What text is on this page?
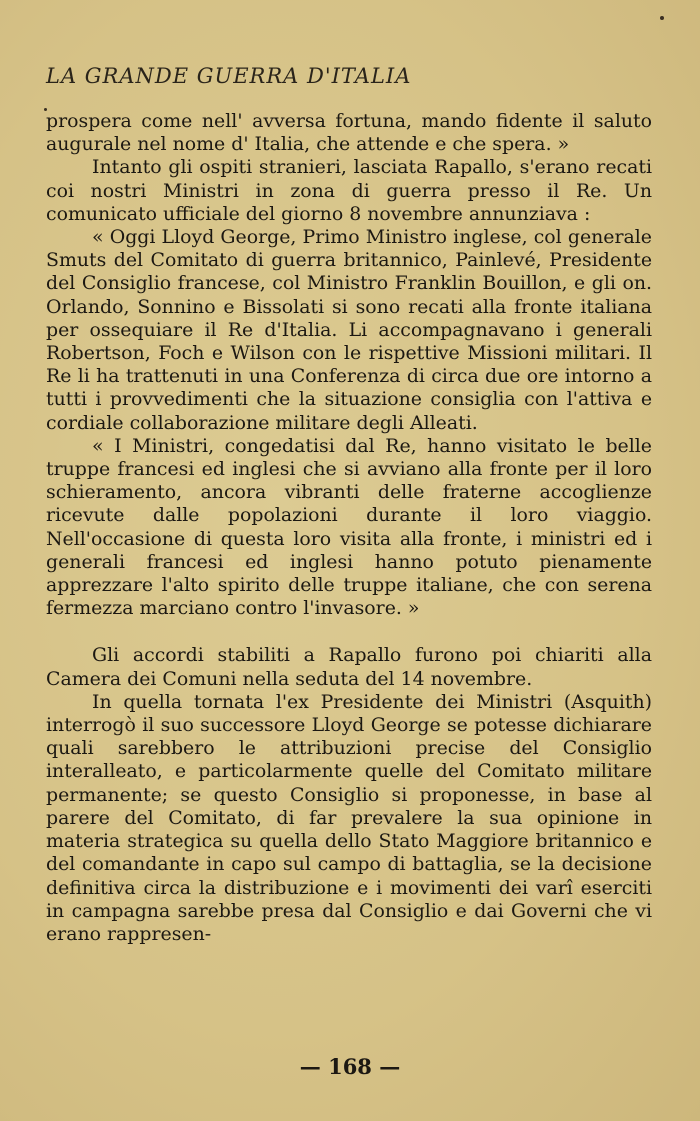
LA GRANDE GUERRA D'ITALIA

prospera come nell' avversa fortuna, mando fidente il saluto augurale nel nome d' Italia, che attende e che spera. »

Intanto gli ospiti stranieri, lasciata Rapallo, s'erano recati coi nostri Ministri in zona di guerra presso il Re. Un comunicato ufficiale del giorno 8 novembre annunziava :

« Oggi Lloyd George, Primo Ministro inglese, col generale Smuts del Comitato di guerra britannico, Painlevé, Presidente del Consiglio francese, col Ministro Franklin Bouillon, e gli on. Orlando, Sonnino e Bissolati si sono recati alla fronte italiana per ossequiare il Re d'Italia. Li accompagnavano i generali Robertson, Foch e Wilson con le rispettive Missioni militari. Il Re li ha trattenuti in una Conferenza di circa due ore intorno a tutti i provvedimenti che la situazione consiglia con l'attiva e cordiale collaborazione militare degli Alleati.

« I Ministri, congedatisi dal Re, hanno visitato le belle truppe francesi ed inglesi che si avviano alla fronte per il loro schieramento, ancora vibranti delle fraterne accoglienze ricevute dalle popolazioni durante il loro viaggio. Nell'occasione di questa loro visita alla fronte, i ministri ed i generali francesi ed inglesi hanno potuto pienamente apprezzare l'alto spirito delle truppe italiane, che con serena fermezza marciano contro l'invasore. »

Gli accordi stabiliti a Rapallo furono poi chiariti alla Camera dei Comuni nella seduta del 14 novembre.

In quella tornata l'ex Presidente dei Ministri (Asquith) interrogò il suo successore Lloyd George se potesse dichiarare quali sarebbero le attribuzioni precise del Consiglio interalleato, e particolarmente quelle del Comitato militare permanente; se questo Consiglio si proponesse, in base al parere del Comitato, di far prevalere la sua opinione in materia strategica su quella dello Stato Maggiore britannico e del comandante in capo sul campo di battaglia, se la decisione definitiva circa la distribuzione e i movimenti dei varî eserciti in campagna sarebbe presa dal Consiglio e dai Governi che vi erano rappresen-

— 168 —
